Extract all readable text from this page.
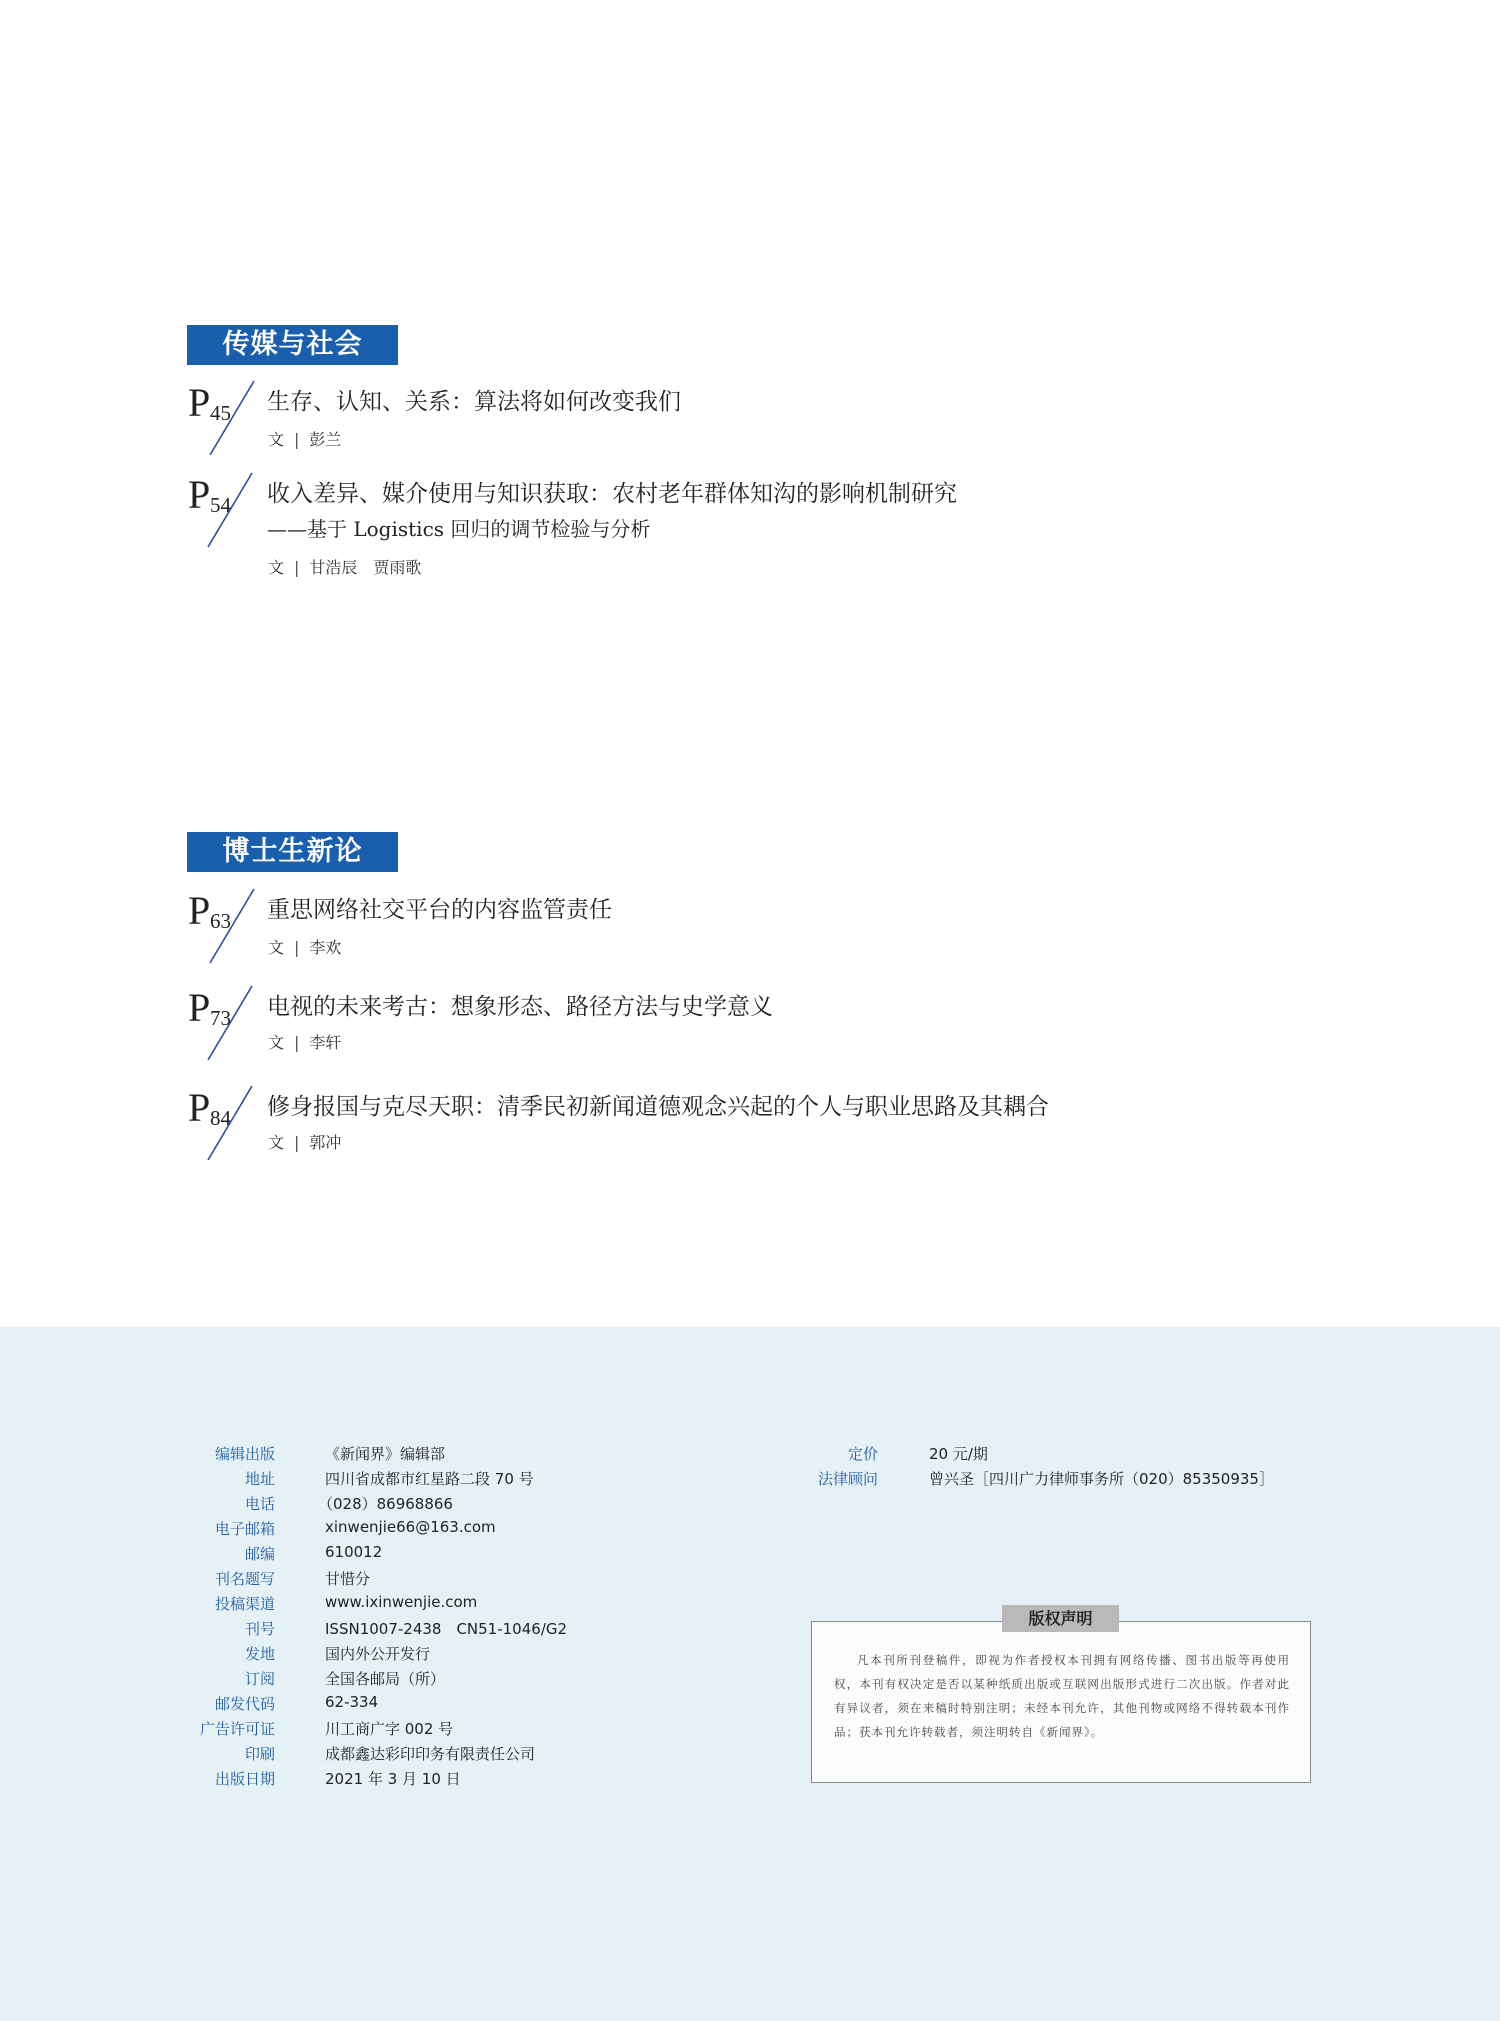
传媒与社会
P 45 生存、认知、关系：算法将如何改变我们
文 | 彭兰
P 54 收入差异、媒介使用与知识获取：农村老年群体知沟的影响机制研究
——基于 Logistics 回归的调节检验与分析
文 | 甘浩辰　贾雨歌
博士生新论
P 63 重思网络社交平台的内容监管责任
文 | 李欢
P 73 电视的未来考古：想象形态、路径方法与史学意义
文 | 李轩
P 84 修身报国与克尽天职：清季民初新闻道德观念兴起的个人与职业思路及其耦合
文 | 郭冲
编辑出版	《新闻界》编辑部
地址	四川省成都市红星路二段 70 号
电话	（028）86968866
电子邮箱	xinwenjie66@163.com
邮编	610012
刊名题写	甘惜分
投稿渠道	www.ixinwenjie.com
刊号	ISSN1007-2438　CN51-1046/G2
发地	国内外公开发行
订阅	全国各邮局（所）
邮发代码	62-334
广告许可证	川工商广字 002 号
印刷	成都鑫达彩印印务有限责任公司
出版日期	2021 年 3 月 10 日
定价	20 元/期
法律顾问	曾兴圣［四川广力律师事务所（020）85350935］
凡本刊所刊登稿件，即视为作者授权本刊拥有网络传播、图书出版等再使用权，本刊有权决定是否以某种纸质出版或互联网出版形式进行二次出版。作者对此有异议者，须在来稿时特别注明；未经本刊允许，其他刊物或网络不得转载本刊作品；获本刊允许转载者，须注明转自《新闻界》。
版权声明
